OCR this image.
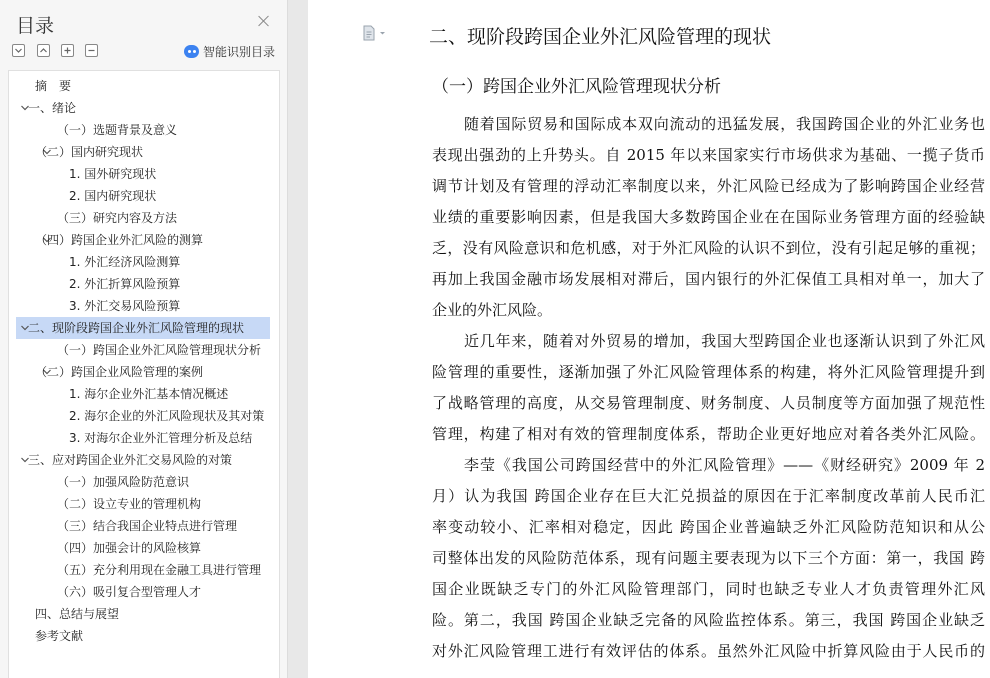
目录
智能识别目录
摘　要
一、绪论
（一）选题背景及意义
（二）国内研究现状
1. 国外研究现状
2. 国内研究现状
（三）研究内容及方法
（四）跨国企业外汇风险的测算
1. 外汇经济风险测算
2. 外汇折算风险预算
3. 外汇交易风险预算
二、现阶段跨国企业外汇风险管理的现状
（一）跨国企业外汇风险管理现状分析
（二）跨国企业风险管理的案例
1. 海尔企业外汇基本情况概述
2. 海尔企业的外汇风险现状及其对策
3. 对海尔企业外汇管理分析及总结
三、应对跨国企业外汇交易风险的对策
（一）加强风险防范意识
（二）设立专业的管理机构
（三）结合我国企业特点进行管理
（四）加强会计的风险核算
（五）充分利用现在金融工具进行管理
（六）吸引复合型管理人才
四、总结与展望
参考文献
二、现阶段跨国企业外汇风险管理的现状
（一）跨国企业外汇风险管理现状分析
随着国际贸易和国际成本双向流动的迅猛发展，我国跨国企业的外汇业务也
表现出强劲的上升势头。自 2015 年以来国家实行市场供求为基础、一揽子货币
调节计划及有管理的浮动汇率制度以来，外汇风险已经成为了影响跨国企业经营
业绩的重要影响因素，但是我国大多数跨国企业在在国际业务管理方面的经验缺
乏，没有风险意识和危机感，对于外汇风险的认识不到位，没有引起足够的重视；
再加上我国金融市场发展相对滞后，国内银行的外汇保值工具相对单一，加大了
企业的外汇风险。
近几年来，随着对外贸易的增加，我国大型跨国企业也逐渐认识到了外汇风
险管理的重要性，逐渐加强了外汇风险管理体系的构建，将外汇风险管理提升到
了战略管理的高度，从交易管理制度、财务制度、人员制度等方面加强了规范性
管理，构建了相对有效的管理制度体系，帮助企业更好地应对着各类外汇风险。
李莹《我国公司跨国经营中的外汇风险管理》——《财经研究》2009 年 2
月）认为我国 跨国企业存在巨大汇兑损益的原因在于汇率制度改革前人民币汇
率变动较小、汇率相对稳定，因此 跨国企业普遍缺乏外汇风险防范知识和从公
司整体出发的风险防范体系，现有问题主要表现为以下三个方面：第一，我国 跨
国企业既缺乏专门的外汇风险管理部门，同时也缺乏专业人才负责管理外汇风
险。第二，我国 跨国企业缺乏完备的风险监控体系。第三，我国 跨国企业缺乏
对外汇风险管理工进行有效评估的体系。虽然外汇风险中折算风险由于人民币的
